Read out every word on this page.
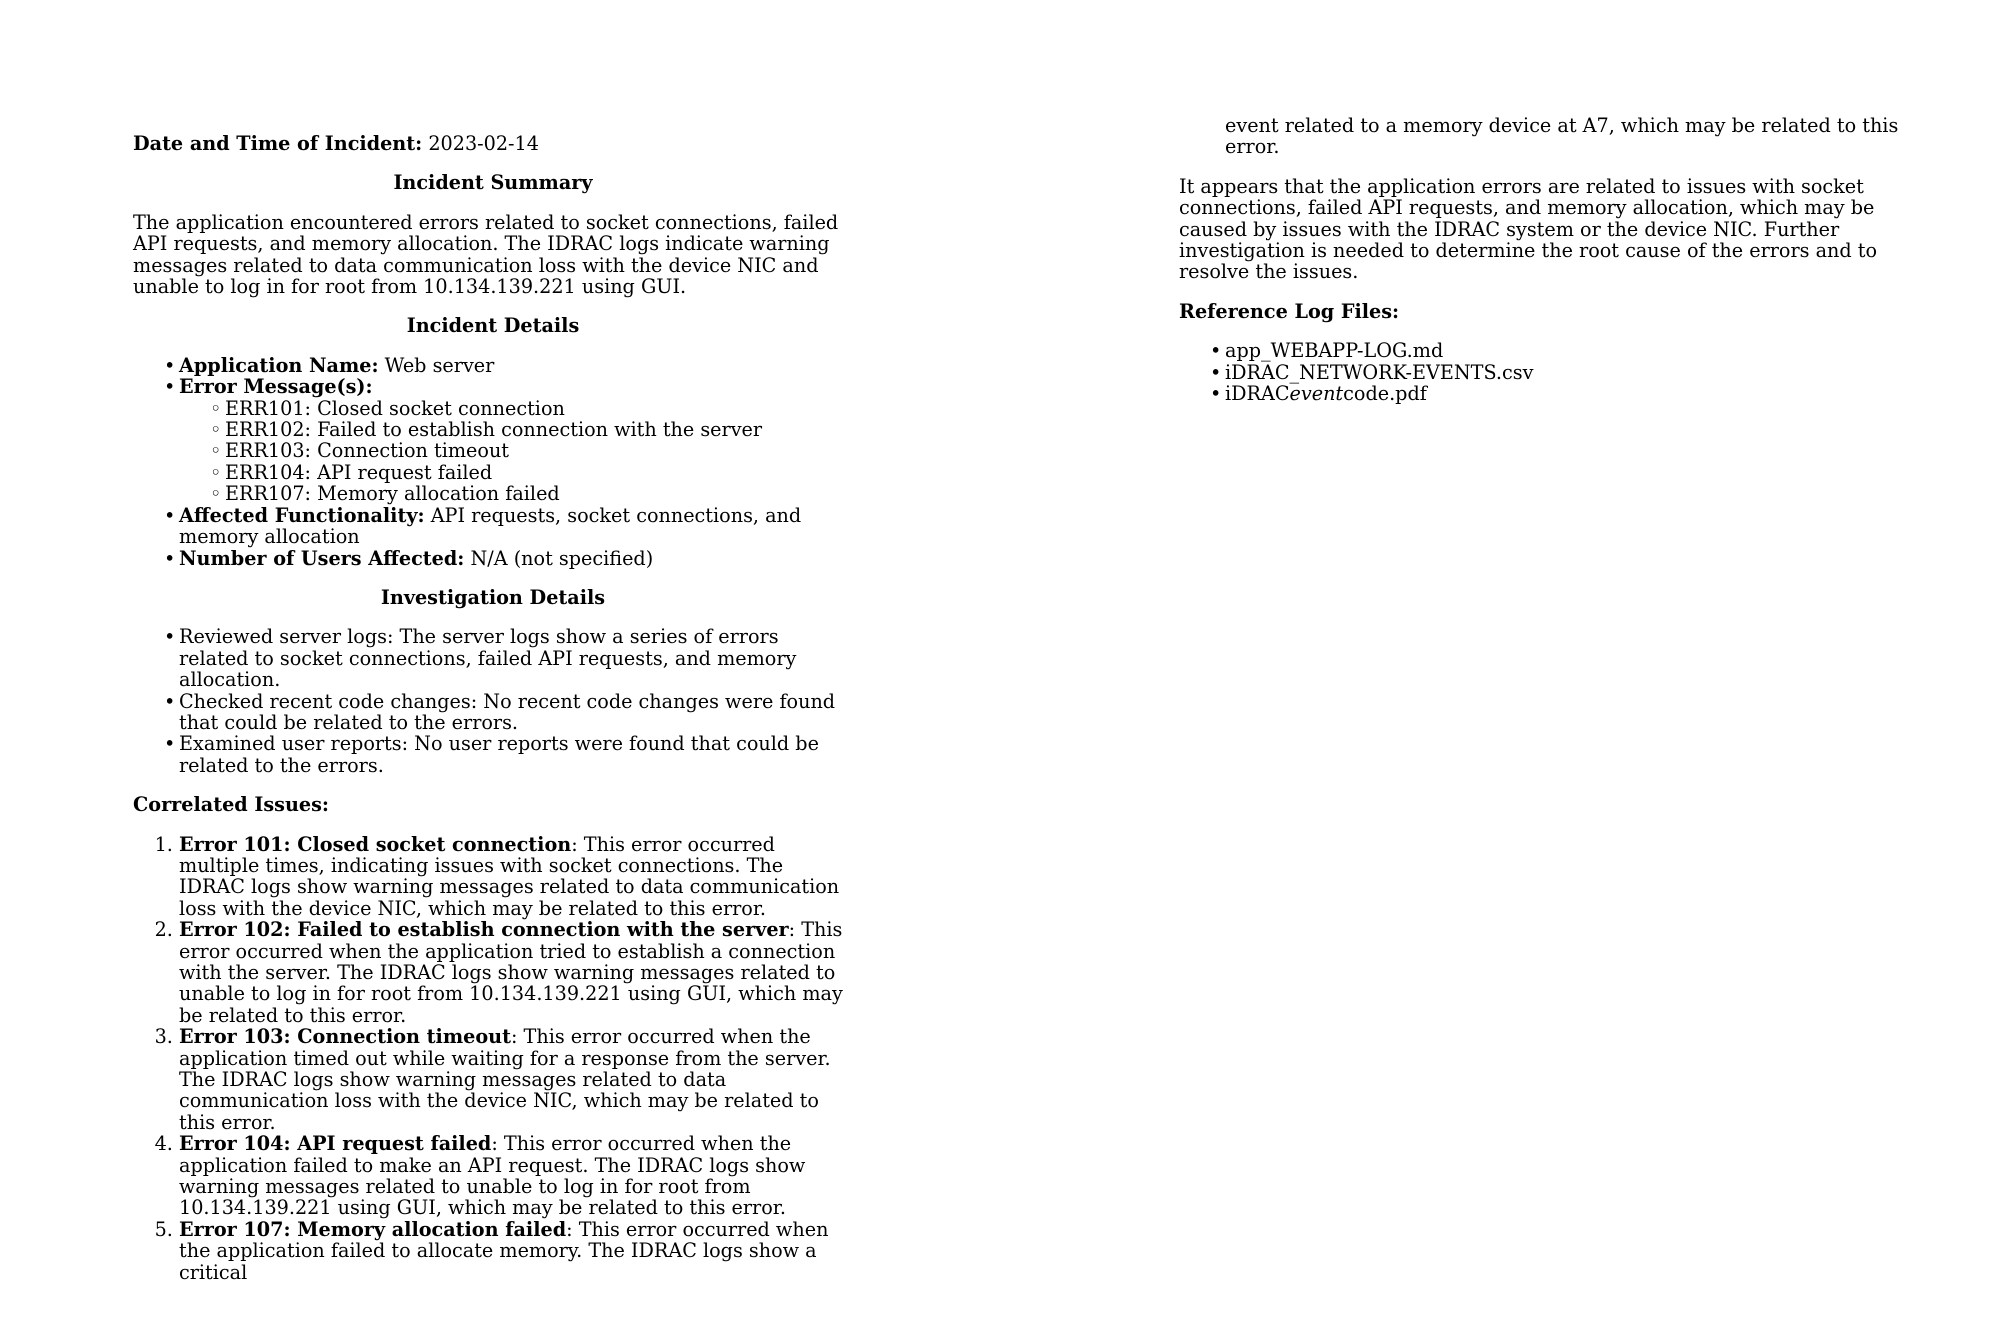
Date and Time of Incident: 2023-02-14

Incident Summary

The application encountered errors related to socket connections, failed API requests, and memory allocation. The IDRAC logs indicate warning messages related to data communication loss with the device NIC and unable to log in for root from 10.134.139.221 using GUI.

Incident Details

• Application Name: Web server
• Error Message(s):
◦ ERR101: Closed socket connection
◦ ERR102: Failed to establish connection with the server
◦ ERR103: Connection timeout
◦ ERR104: API request failed
◦ ERR107: Memory allocation failed
• Affected Functionality: API requests, socket connections, and memory allocation
• Number of Users Affected: N/A (not specified)

Investigation Details

• Reviewed server logs: The server logs show a series of errors related to socket connections, failed API requests, and memory allocation.
• Checked recent code changes: No recent code changes were found that could be related to the errors.
• Examined user reports: No user reports were found that could be related to the errors.

Correlated Issues:

1. Error 101: Closed socket connection: This error occurred multiple times, indicating issues with socket connections. The IDRAC logs show warning messages related to data communication loss with the device NIC, which may be related to this error.
2. Error 102: Failed to establish connection with the server: This error occurred when the application tried to establish a connection with the server. The IDRAC logs show warning messages related to unable to log in for root from 10.134.139.221 using GUI, which may be related to this error.
3. Error 103: Connection timeout: This error occurred when the application timed out while waiting for a response from the server. The IDRAC logs show warning messages related to data communication loss with the device NIC, which may be related to this error.
4. Error 104: API request failed: This error occurred when the application failed to make an API request. The IDRAC logs show warning messages related to unable to log in for root from 10.134.139.221 using GUI, which may be related to this error.
5. Error 107: Memory allocation failed: This error occurred when the application failed to allocate memory. The IDRAC logs show a critical

event related to a memory device at A7, which may be related to this error.

It appears that the application errors are related to issues with socket connections, failed API requests, and memory allocation, which may be caused by issues with the IDRAC system or the device NIC. Further investigation is needed to determine the root cause of the errors and to resolve the issues.

Reference Log Files:

• app_WEBAPP-LOG.md
• iDRAC_NETWORK-EVENTS.csv
• iDRACeventcode.pdf
